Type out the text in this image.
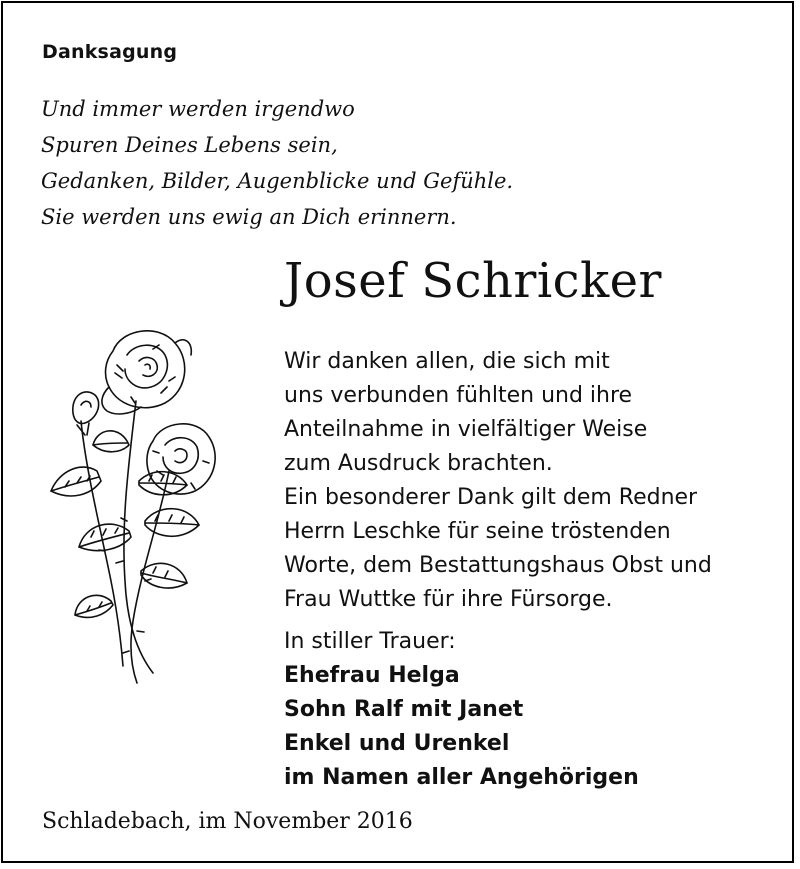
Danksagung

Und immer werden irgendwo
Spuren Deines Lebens sein,
Gedanken, Bilder, Augenblicke und Gefühle.
Sie werden uns ewig an Dich erinnern.

Josef Schricker

Wir danken allen, die sich mit
uns verbunden fühlten und ihre
Anteilnahme in vielfältiger Weise
zum Ausdruck brachten.
Ein besonderer Dank gilt dem Redner
Herrn Leschke für seine tröstenden
Worte, dem Bestattungshaus Obst und
Frau Wuttke für ihre Fürsorge.

In stiller Trauer:
Ehefrau Helga
Sohn Ralf mit Janet
Enkel und Urenkel
im Namen aller Angehörigen

Schladebach, im November 2016
